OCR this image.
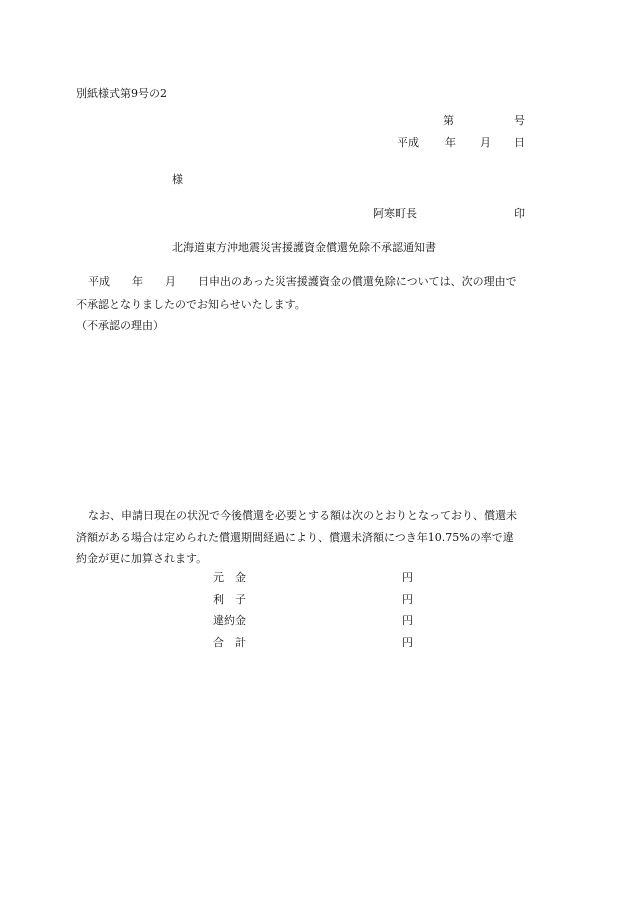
別紙様式第9号の2
第	号
平成 年 月 日
様
阿寒町長	印
北海道東方沖地震災害援護資金償還免除不承認通知書
平成　　年　　月　　日申出のあった災害援護資金の償還免除については、次の理由で
不承認となりましたのでお知らせいたします。
（不承認の理由）
なお、申請日現在の状況で今後償還を必要とする額は次のとおりとなっており、償還未
済額がある場合は定められた償還期間経過により、償還未済額につき年10.75%の率で違
約金が更に加算されます。
元　金	円
利　子	円
違約金	円
合　計	円
